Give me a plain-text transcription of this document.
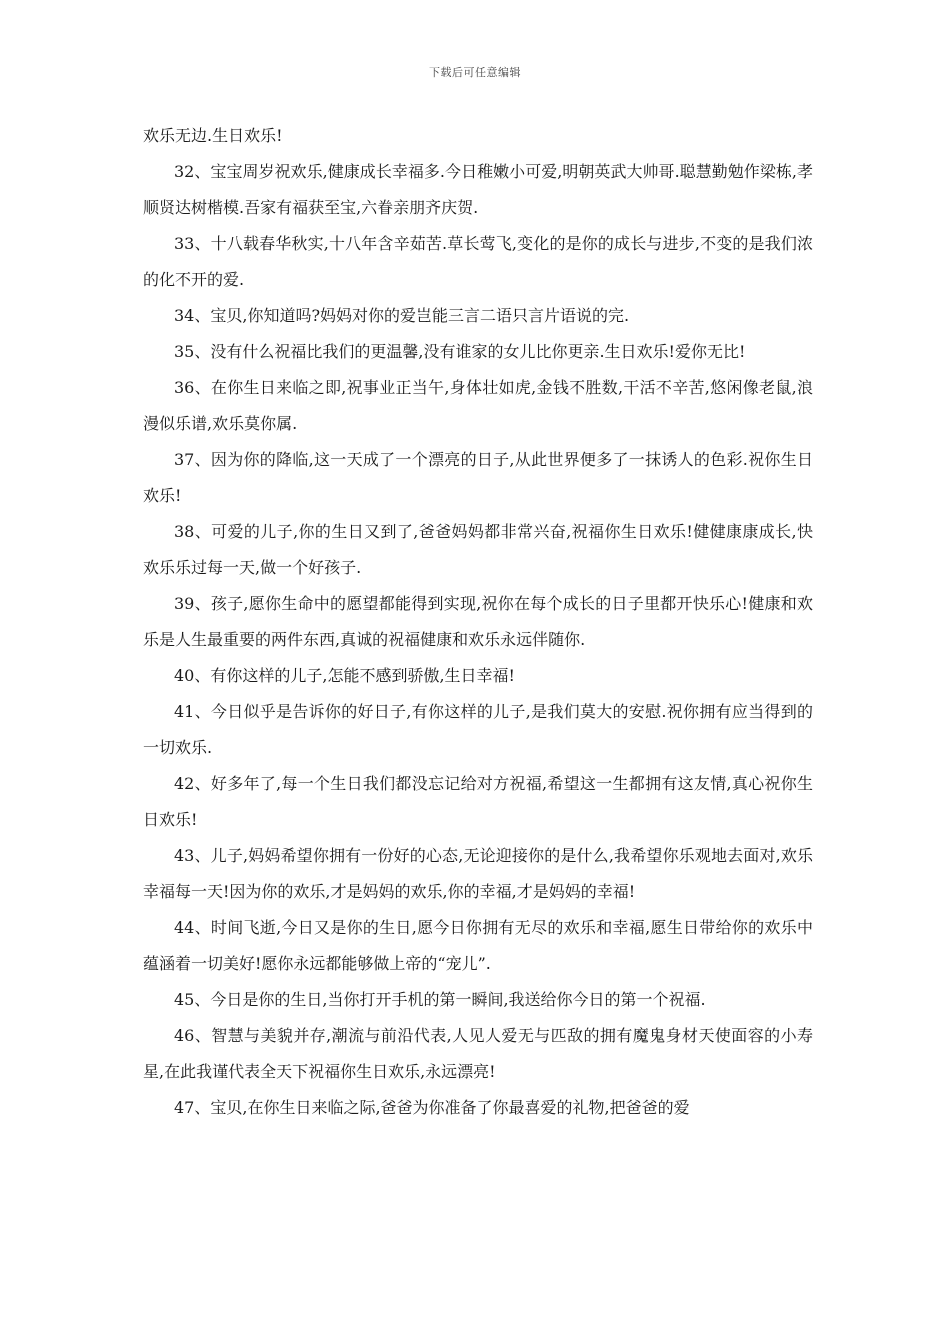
下载后可任意编辑

欢乐无边.生日欢乐!

32、宝宝周岁祝欢乐,健康成长幸福多.今日稚嫩小可爱,明朝英武大帅哥.聪慧勤勉作梁栋,孝顺贤达树楷模.吾家有福获至宝,六眷亲朋齐庆贺.

33、十八载春华秋实,十八年含辛茹苦.草长莺飞,变化的是你的成长与进步,不变的是我们浓的化不开的爱.

34、宝贝,你知道吗?妈妈对你的爱岂能三言二语只言片语说的完.

35、没有什么祝福比我们的更温馨,没有谁家的女儿比你更亲.生日欢乐!爱你无比!

36、在你生日来临之即,祝事业正当午,身体壮如虎,金钱不胜数,干活不辛苦,悠闲像老鼠,浪漫似乐谱,欢乐莫你属.

37、因为你的降临,这一天成了一个漂亮的日子,从此世界便多了一抹诱人的色彩.祝你生日欢乐!

38、可爱的儿子,你的生日又到了,爸爸妈妈都非常兴奋,祝福你生日欢乐!健健康康成长,快欢乐乐过每一天,做一个好孩子.

39、孩子,愿你生命中的愿望都能得到实现,祝你在每个成长的日子里都开快乐心!健康和欢乐是人生最重要的两件东西,真诚的祝福健康和欢乐永远伴随你.

40、有你这样的儿子,怎能不感到骄傲,生日幸福!

41、今日似乎是告诉你的好日子,有你这样的儿子,是我们莫大的安慰.祝你拥有应当得到的一切欢乐.

42、好多年了,每一个生日我们都没忘记给对方祝福,希望这一生都拥有这友情,真心祝你生日欢乐!

43、儿子,妈妈希望你拥有一份好的心态,无论迎接你的是什么,我希望你乐观地去面对,欢乐幸福每一天!因为你的欢乐,才是妈妈的欢乐,你的幸福,才是妈妈的幸福!

44、时间飞逝,今日又是你的生日,愿今日你拥有无尽的欢乐和幸福,愿生日带给你的欢乐中蕴涵着一切美好!愿你永远都能够做上帝的“宠儿”.

45、今日是你的生日,当你打开手机的第一瞬间,我送给你今日的第一个祝福.

46、智慧与美貌并存,潮流与前沿代表,人见人爱无与匹敌的拥有魔鬼身材天使面容的小寿星,在此我谨代表全天下祝福你生日欢乐,永远漂亮!

47、宝贝,在你生日来临之际,爸爸为你准备了你最喜爱的礼物,把爸爸的爱
